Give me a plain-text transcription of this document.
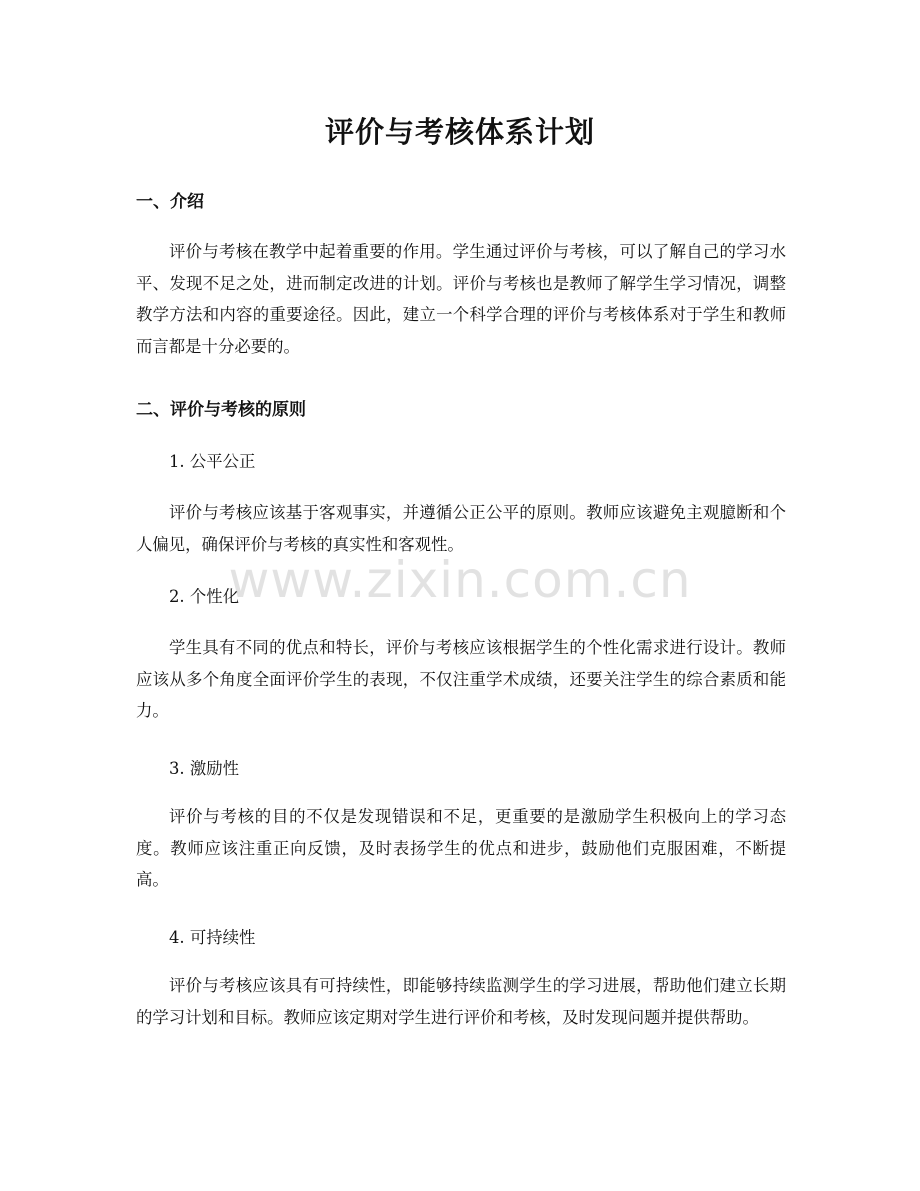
评价与考核体系计划
一、介绍

评价与考核在教学中起着重要的作用。学生通过评价与考核，可以了解自己的学习水平、发现不足之处，进而制定改进的计划。评价与考核也是教师了解学生学习情况，调整教学方法和内容的重要途径。因此，建立一个科学合理的评价与考核体系对于学生和教师而言都是十分必要的。

二、评价与考核的原则

1. 公平公正

评价与考核应该基于客观事实，并遵循公正公平的原则。教师应该避免主观臆断和个人偏见，确保评价与考核的真实性和客观性。

2. 个性化

学生具有不同的优点和特长，评价与考核应该根据学生的个性化需求进行设计。教师应该从多个角度全面评价学生的表现，不仅注重学术成绩，还要关注学生的综合素质和能力。

3. 激励性

评价与考核的目的不仅是发现错误和不足，更重要的是激励学生积极向上的学习态度。教师应该注重正向反馈，及时表扬学生的优点和进步，鼓励他们克服困难，不断提高。

4. 可持续性

评价与考核应该具有可持续性，即能够持续监测学生的学习进展，帮助他们建立长期的学习计划和目标。教师应该定期对学生进行评价和考核，及时发现问题并提供帮助。

www.zixin.com.cn
